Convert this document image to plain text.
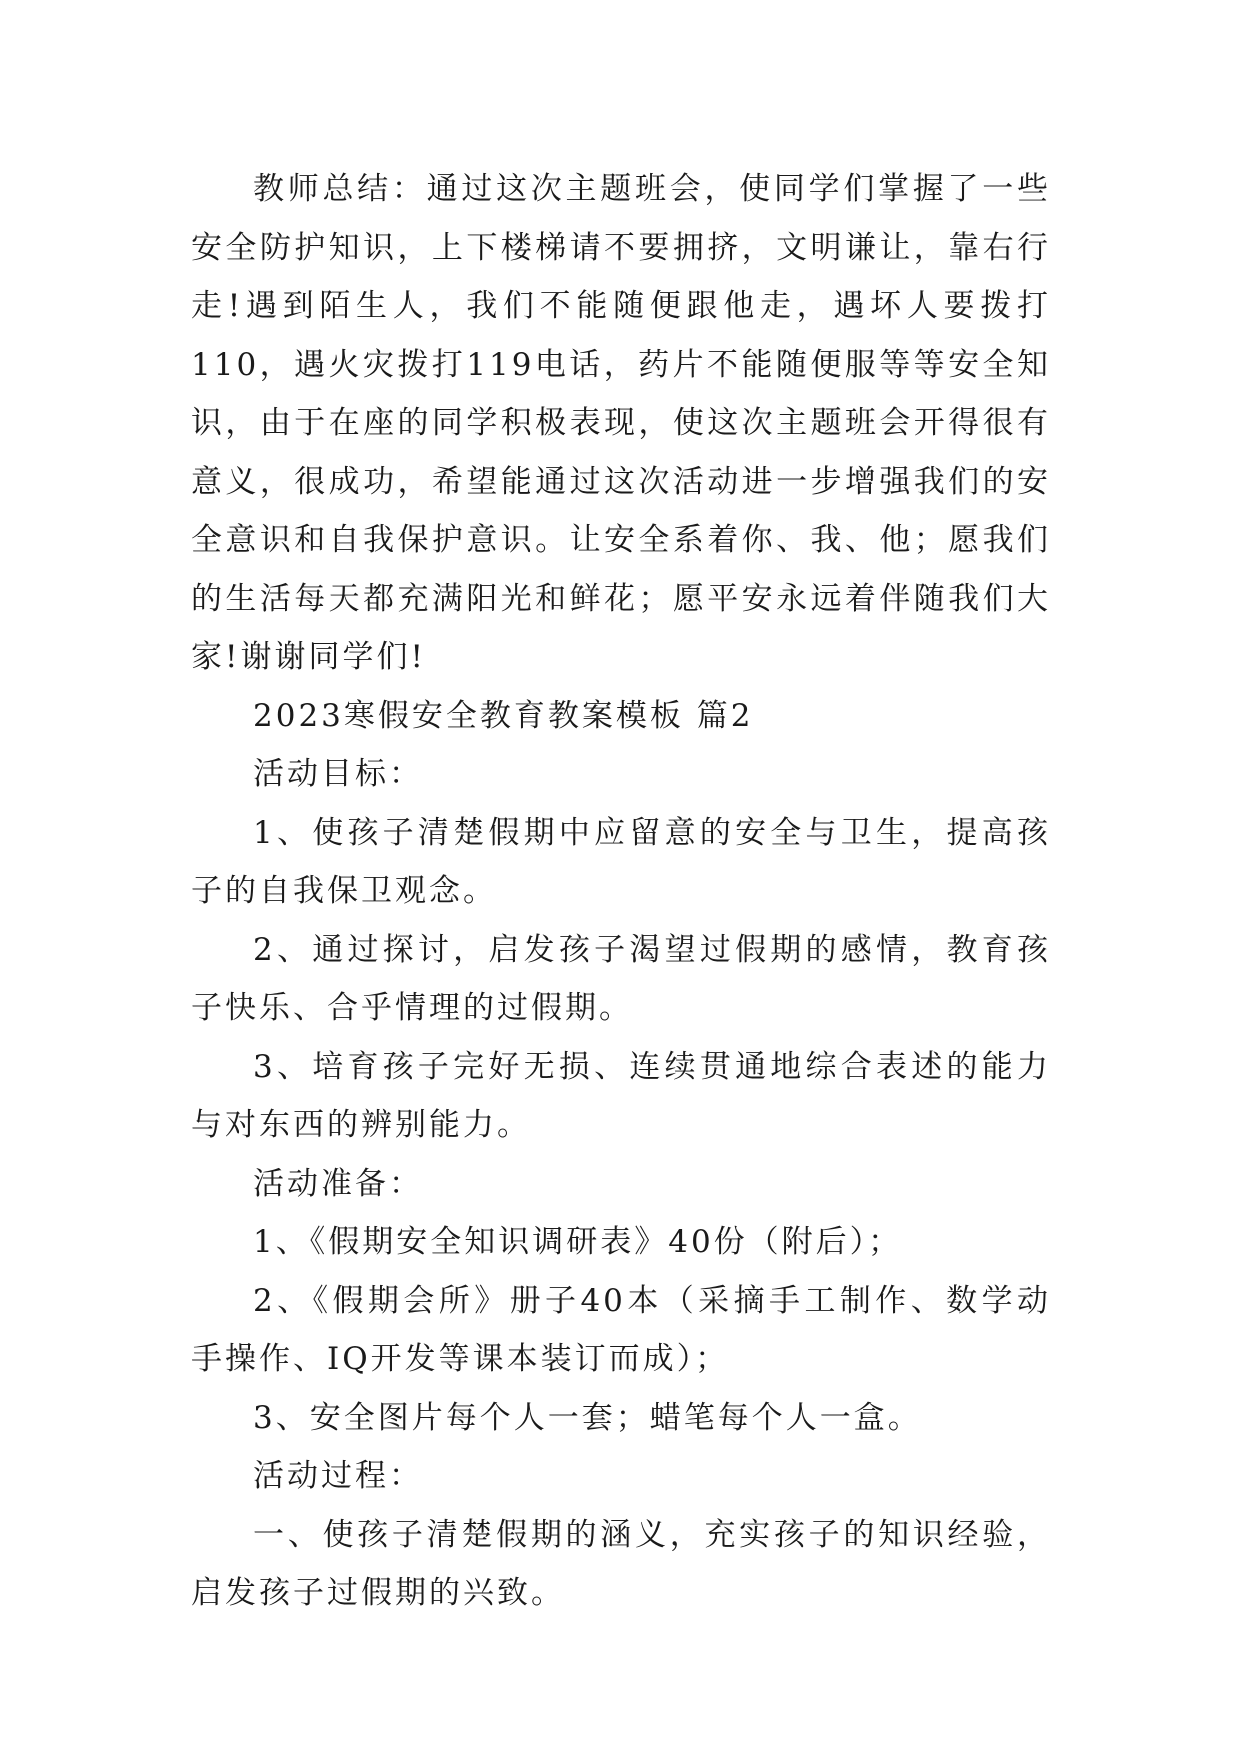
教师总结：通过这次主题班会，使同学们掌握了一些安全防护知识，上下楼梯请不要拥挤，文明谦让，靠右行走!遇到陌生人，我们不能随便跟他走，遇坏人要拨打110，遇火灾拨打119电话，药片不能随便服等等安全知识，由于在座的同学积极表现，使这次主题班会开得很有意义，很成功，希望能通过这次活动进一步增强我们的安全意识和自我保护意识。让安全系着你、我、他；愿我们的生活每天都充满阳光和鲜花；愿平安永远着伴随我们大家!谢谢同学们!

2023寒假安全教育教案模板 篇2

活动目标：

1、使孩子清楚假期中应留意的安全与卫生，提高孩子的自我保卫观念。

2、通过探讨，启发孩子渴望过假期的感情，教育孩子快乐、合乎情理的过假期。

3、培育孩子完好无损、连续贯通地综合表述的能力与对东西的辨别能力。

活动准备：

1、《假期安全知识调研表》40份（附后）；

2、《假期会所》册子40本（采摘手工制作、数学动手操作、IQ开发等课本装订而成）；

3、安全图片每个人一套；蜡笔每个人一盒。

活动过程：

一、使孩子清楚假期的涵义，充实孩子的知识经验，启发孩子过假期的兴致。
